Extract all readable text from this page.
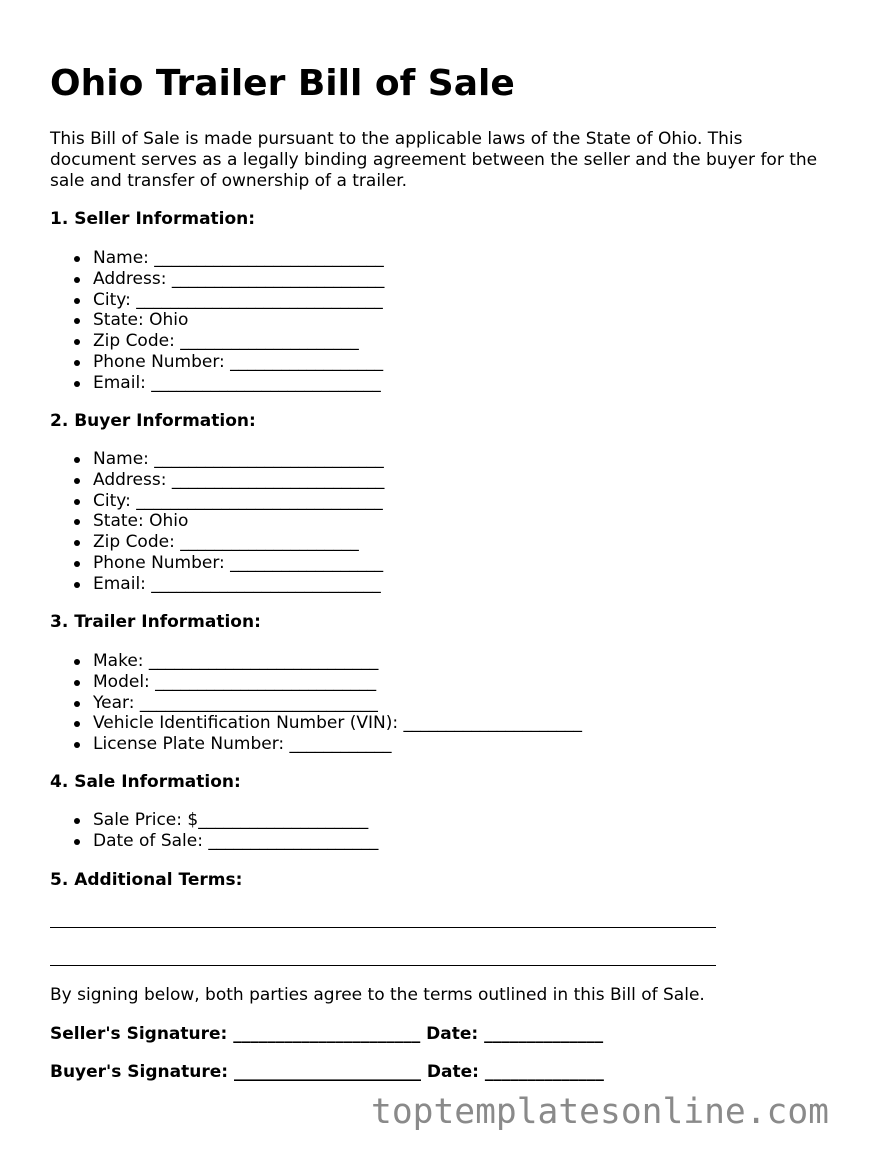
Ohio Trailer Bill of Sale

This Bill of Sale is made pursuant to the applicable laws of the State of Ohio. This
document serves as a legally binding agreement between the seller and the buyer for the
sale and transfer of ownership of a trailer.

1. Seller Information:
Name: ___________________________
Address: _________________________
City: _____________________________
State: Ohio
Zip Code: _____________________
Phone Number: __________________
Email: ___________________________
2. Buyer Information:
Name: ___________________________
Address: _________________________
City: _____________________________
State: Ohio
Zip Code: _____________________
Phone Number: __________________
Email: ___________________________
3. Trailer Information:
Make: ___________________________
Model: __________________________
Year: ____________________________
Vehicle Identification Number (VIN): _____________________
License Plate Number: ____________
4. Sale Information:
Sale Price: $____________________
Date of Sale: ____________________
5. Additional Terms:

By signing below, both parties agree to the terms outlined in this Bill of Sale.

Seller's Signature: ______________________ Date: ______________

Buyer's Signature: ______________________ Date: ______________

toptemplatesonline.com
